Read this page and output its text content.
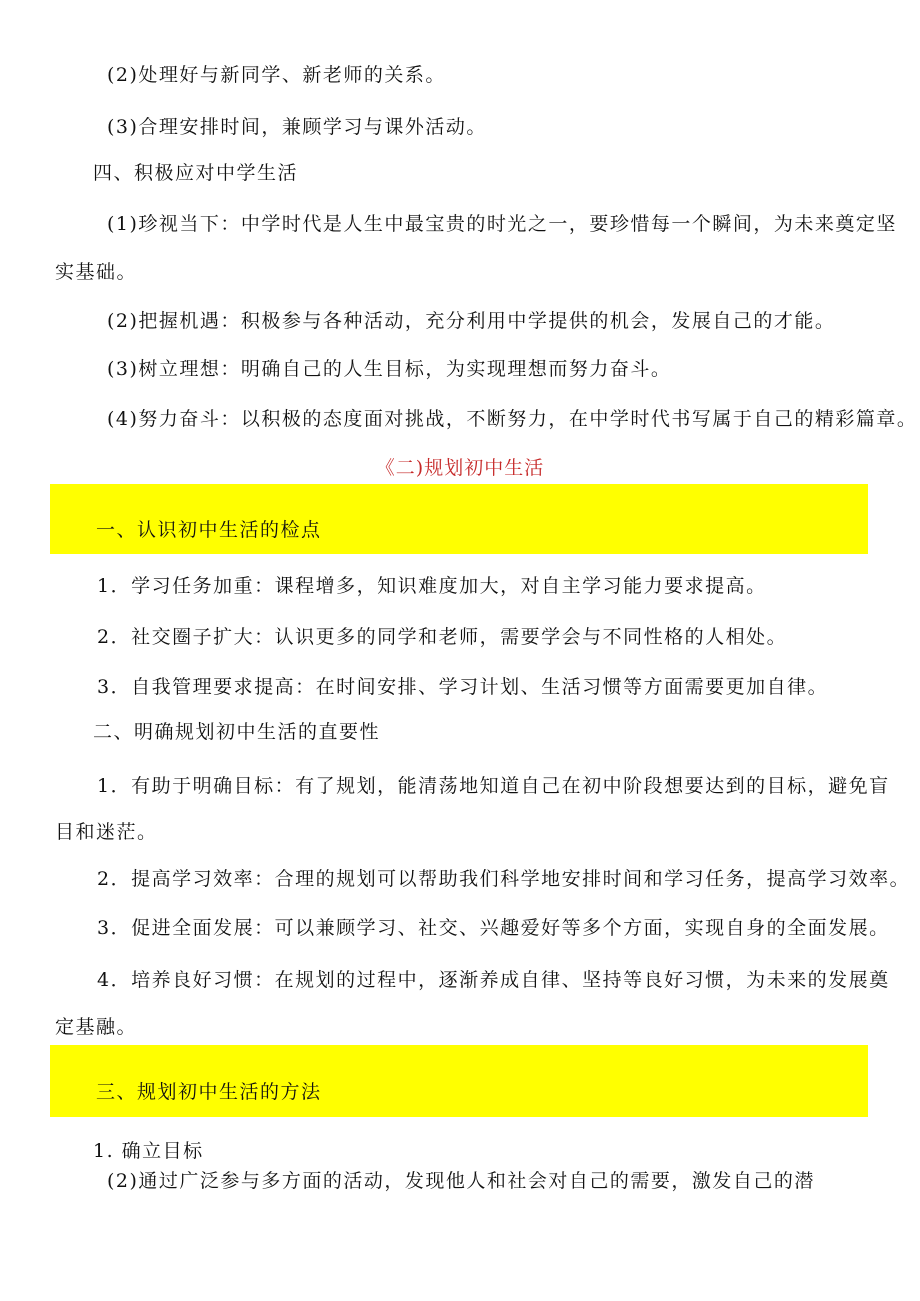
(2)处理好与新同学、新老师的关系。
(3)合理安排时间，兼顾学习与课外活动。
四、积极应对中学生活
(1)珍视当下：中学时代是人生中最宝贵的时光之一，要珍惜每一个瞬间，为未来奠定坚
实基础。
(2)把握机遇：积极参与各种活动，充分利用中学提供的机会，发展自己的才能。
(3)树立理想：明确自己的人生目标，为实现理想而努力奋斗。
(4)努力奋斗：以积极的态度面对挑战，不断努力，在中学时代书写属于自己的精彩篇章。
《二)规划初中生活
一、认识初中生活的检点
1．学习任务加重：课程增多，知识难度加大，对自主学习能力要求提高。
2．社交圈子扩大：认识更多的同学和老师，需要学会与不同性格的人相处。
3．自我管理要求提高：在时间安排、学习计划、生活习惯等方面需要更加自律。
二、明确规划初中生活的直要性
1．有助于明确目标：有了规划，能清荡地知道自己在初中阶段想要达到的目标，避免盲
目和迷茫。
2．提高学习效率：合理的规划可以帮助我们科学地安排时间和学习任务，提高学习效率。
3．促进全面发展：可以兼顾学习、社交、兴趣爱好等多个方面，实现自身的全面发展。
4．培养良好习惯：在规划的过程中，逐渐养成自律、坚持等良好习惯，为未来的发展奠
定基融。
三、规划初中生活的方法
1. 确立目标
(2)通过广泛参与多方面的活动，发现他人和社会对自己的需要，激发自己的潜
